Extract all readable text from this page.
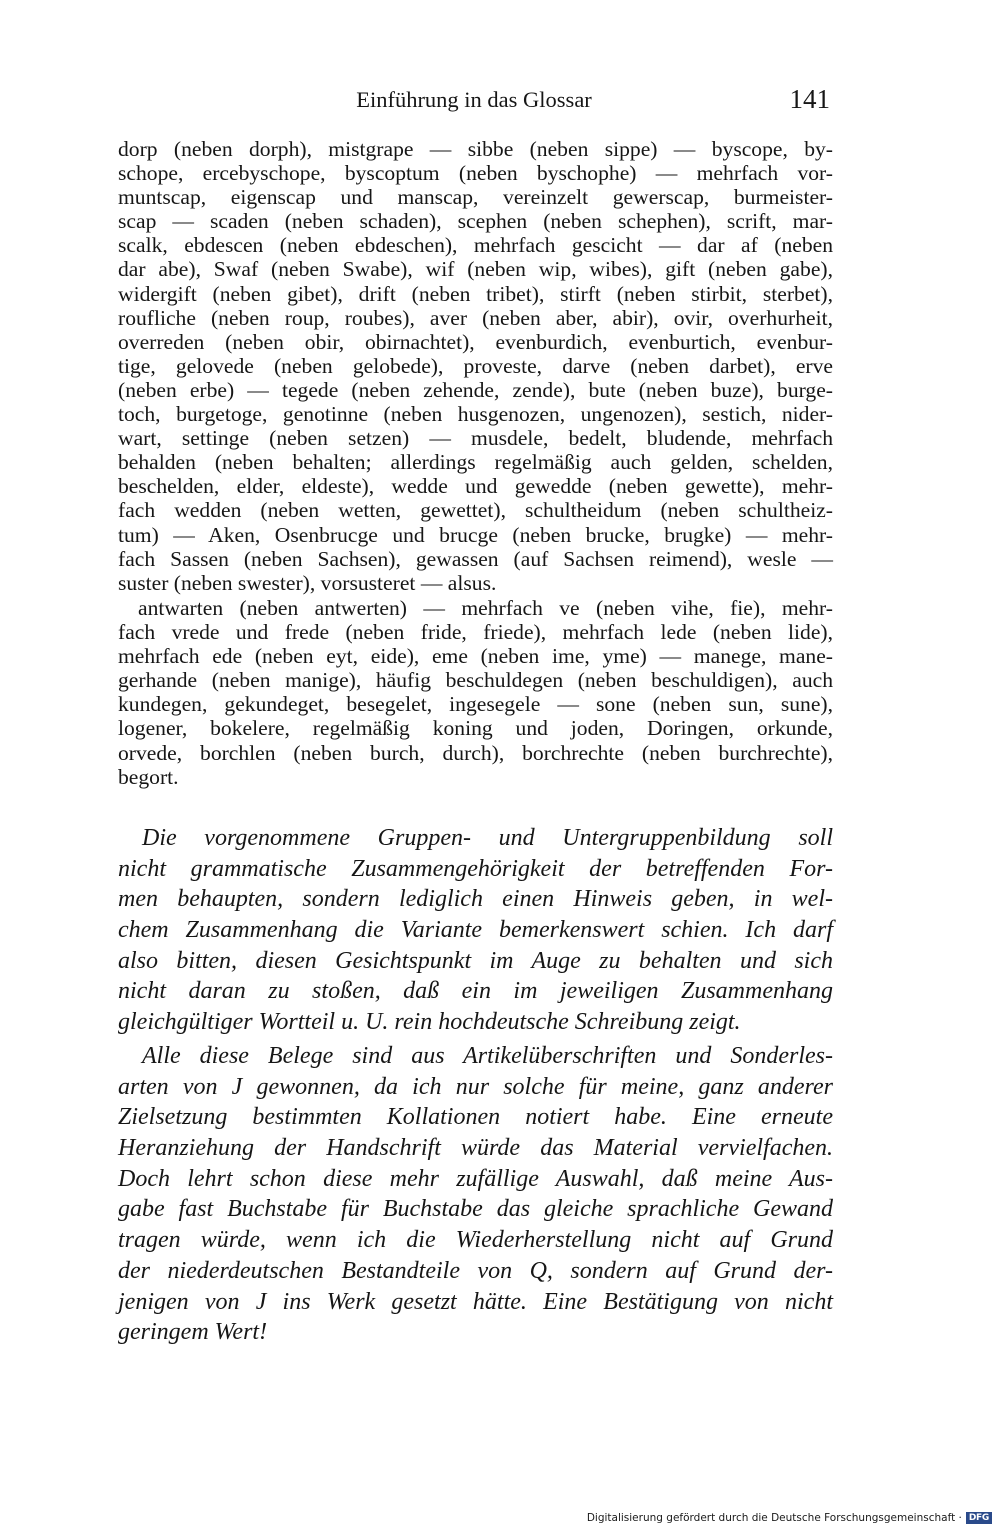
Einführung in das Glossar	141
dorp (neben dorph), mistgrape — sibbe (neben sippe) — byscope, by-
schope, ercebyschope, byscoptum (neben byschophe) — mehrfach vor-
muntscap, eigenscap und manscap, vereinzelt gewerscap, burmeister-
scap — scaden (neben schaden), scephen (neben schephen), scrift, mar-
scalk, ebdescen (neben ebdeschen), mehrfach gescicht — dar af (neben
dar abe), Swaf (neben Swabe), wif (neben wip, wibes), gift (neben gabe),
widergift (neben gibet), drift (neben tribet), stirft (neben stirbit, sterbet),
roufliche (neben roup, roubes), aver (neben aber, abir), ovir, overhurheit,
overreden (neben obir, obirnachtet), evenburdich, evenburtich, evenbur-
tige, gelovede (neben gelobede), proveste, darve (neben darbet), erve
(neben erbe) — tegede (neben zehende, zende), bute (neben buze), burge-
toch, burgetoge, genotinne (neben husgenozen, ungenozen), sestich, nider-
wart, settinge (neben setzen) — musdele, bedelt, bludende, mehrfach
behalden (neben behalten; allerdings regelmäßig auch gelden, schelden,
beschelden, elder, eldeste), wedde und gewedde (neben gewette), mehr-
fach wedden (neben wetten, gewettet), schultheidum (neben schultheiz-
tum) — Aken, Osenbrucge und brucge (neben brucke, brugke) — mehr-
fach Sassen (neben Sachsen), gewassen (auf Sachsen reimend), wesle —
suster (neben swester), vorsusteret — alsus.
antwarten (neben antwerten) — mehrfach ve (neben vihe, fie), mehr-
fach vrede und frede (neben fride, friede), mehrfach lede (neben lide),
mehrfach ede (neben eyt, eide), eme (neben ime, yme) — manege, mane-
gerhande (neben manige), häufig beschuldegen (neben beschuldigen), auch
kundegen, gekundeget, besegelet, ingesegele — sone (neben sun, sune),
logener, bokelere, regelmäßig koning und joden, Doringen, orkunde,
orvede, borchlen (neben burch, durch), borchrechte (neben burchrechte),
begort.
Die vorgenommene Gruppen- und Untergruppenbildung soll
nicht grammatische Zusammengehörigkeit der betreffenden For-
men behaupten, sondern lediglich einen Hinweis geben, in wel-
chem Zusammenhang die Variante bemerkenswert schien. Ich darf
also bitten, diesen Gesichtspunkt im Auge zu behalten und sich
nicht daran zu stoßen, daß ein im jeweiligen Zusammenhang
gleichgültiger Wortteil u. U. rein hochdeutsche Schreibung zeigt.
Alle diese Belege sind aus Artikelüberschriften und Sonderles-
arten von J gewonnen, da ich nur solche für meine, ganz anderer
Zielsetzung bestimmten Kollationen notiert habe. Eine erneute
Heranziehung der Handschrift würde das Material vervielfachen.
Doch lehrt schon diese mehr zufällige Auswahl, daß meine Aus-
gabe fast Buchstabe für Buchstabe das gleiche sprachliche Gewand
tragen würde, wenn ich die Wiederherstellung nicht auf Grund
der niederdeutschen Bestandteile von Q, sondern auf Grund der-
jenigen von J ins Werk gesetzt hätte. Eine Bestätigung von nicht
geringem Wert!
Digitalisierung gefördert durch die Deutsche Forschungsgemeinschaft · DFG
